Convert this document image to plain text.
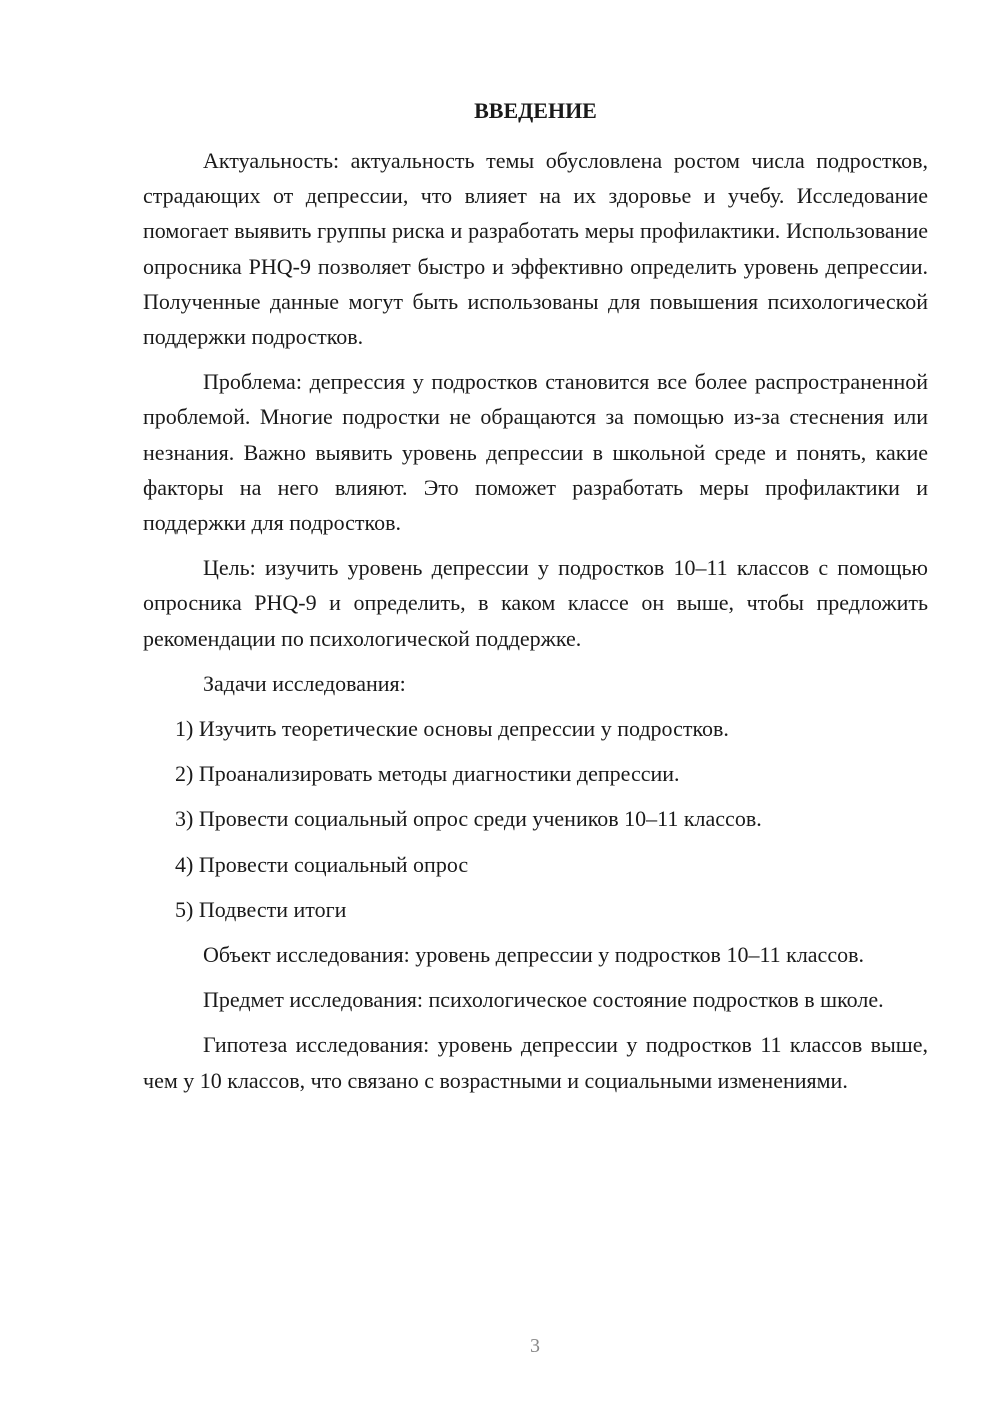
ВВЕДЕНИЕ

Актуальность: актуальность темы обусловлена ростом числа подростков, страдающих от депрессии, что влияет на их здоровье и учебу. Исследование помогает выявить группы риска и разработать меры профилактики. Использование опросника PHQ-9 позволяет быстро и эффективно определить уровень депрессии. Полученные данные могут быть использованы для повышения психологической поддержки подростков.

Проблема: депрессия у подростков становится все более распространенной проблемой. Многие подростки не обращаются за помощью из-за стеснения или незнания. Важно выявить уровень депрессии в школьной среде и понять, какие факторы на него влияют. Это поможет разработать меры профилактики и поддержки для подростков.

Цель: изучить уровень депрессии у подростков 10–11 классов с помощью опросника PHQ-9 и определить, в каком классе он выше, чтобы предложить рекомендации по психологической поддержке.

Задачи исследования:

1) Изучить теоретические основы депрессии у подростков.
2) Проанализировать методы диагностики депрессии.
3) Провести социальный опрос среди учеников 10–11 классов.
4) Провести социальный опрос
5) Подвести итоги

Объект исследования: уровень депрессии у подростков 10–11 классов.

Предмет исследования: психологическое состояние подростков в школе.

Гипотеза исследования: уровень депрессии у подростков 11 классов выше, чем у 10 классов, что связано с возрастными и социальными изменениями.

3
